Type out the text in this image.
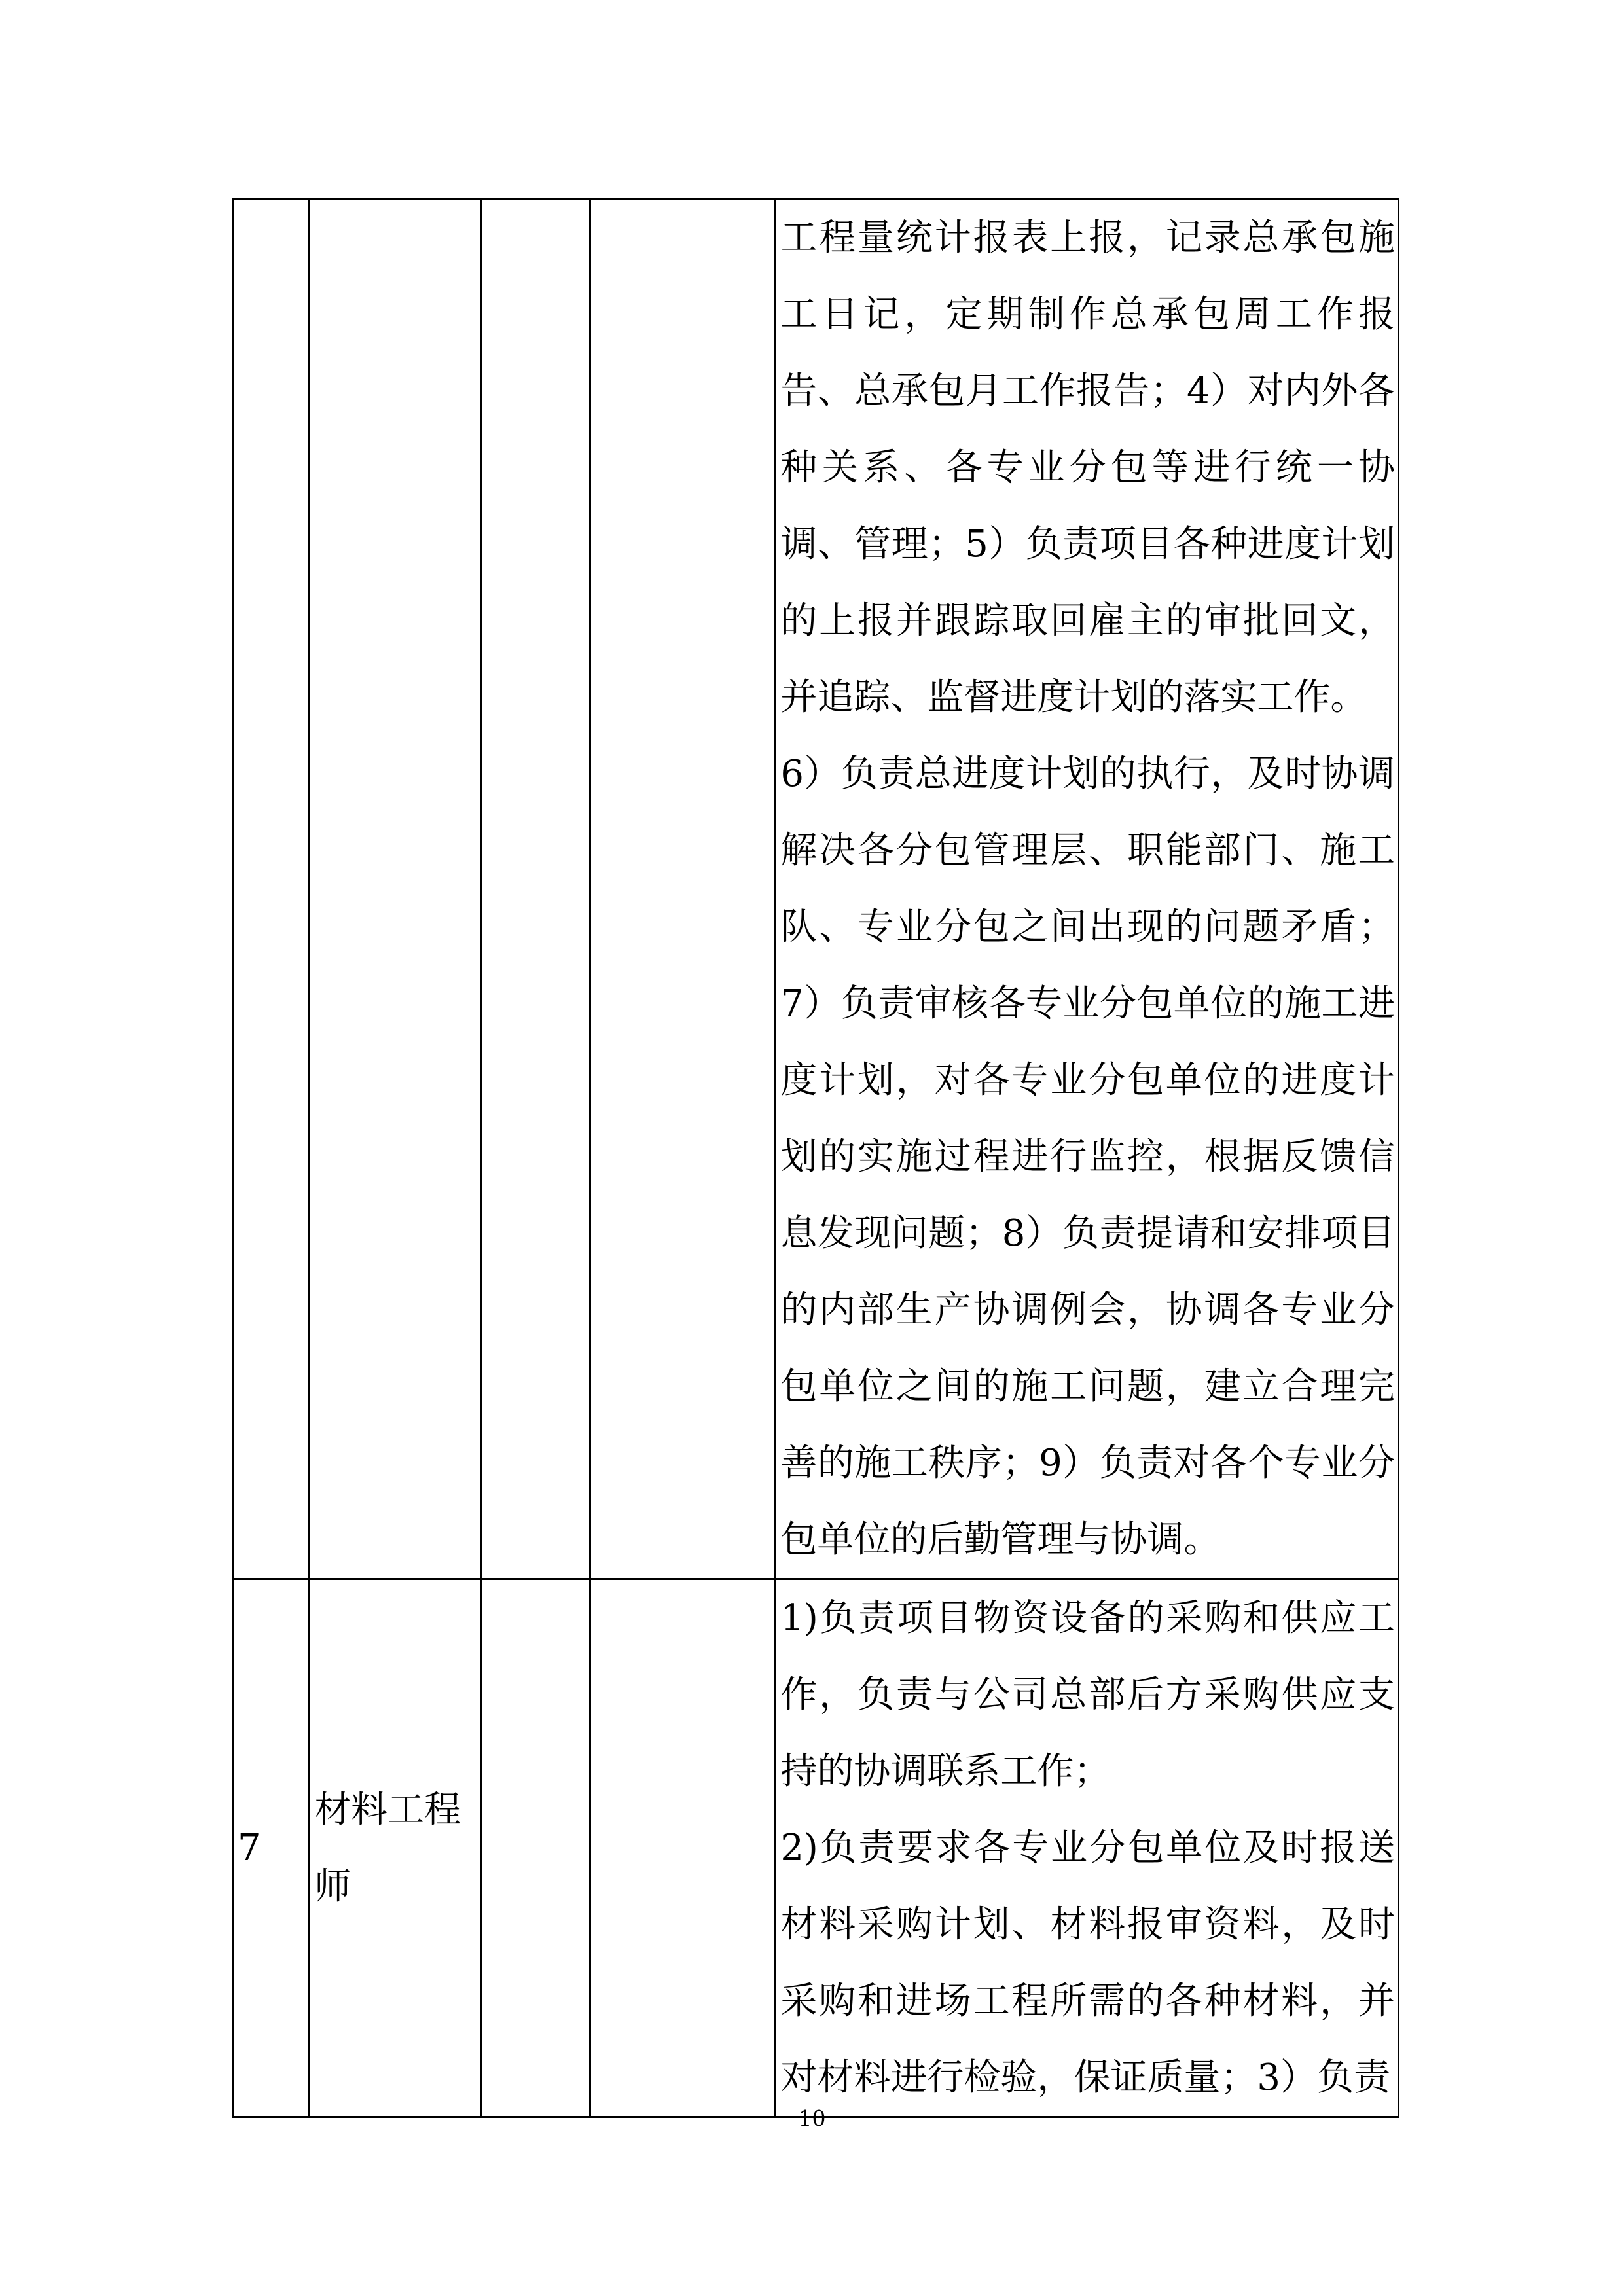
				工程量统计报表上报，记录总承包施工日记，定期制作总承包周工作报告、总承包月工作报告；4）对内外各种关系、各专业分包等进行统一协调、管理；5）负责项目各种进度计划的上报并跟踪取回雇主的审批回文，并追踪、监督进度计划的落实工作。
6）负责总进度计划的执行，及时协调解决各分包管理层、职能部门、施工队、专业分包之间出现的问题矛盾；7）负责审核各专业分包单位的施工进度计划，对各专业分包单位的进度计划的实施过程进行监控，根据反馈信息发现问题；8）负责提请和安排项目的内部生产协调例会，协调各专业分包单位之间的施工问题，建立合理完善的施工秩序；9）负责对各个专业分包单位的后勤管理与协调。

7	材料工程师			1)负责项目物资设备的采购和供应工作，负责与公司总部后方采购供应支持的协调联系工作；
2)负责要求各专业分包单位及时报送材料采购计划、材料报审资料，及时采购和进场工程所需的各种材料，并对材料进行检验，保证质量；3）负责
10
